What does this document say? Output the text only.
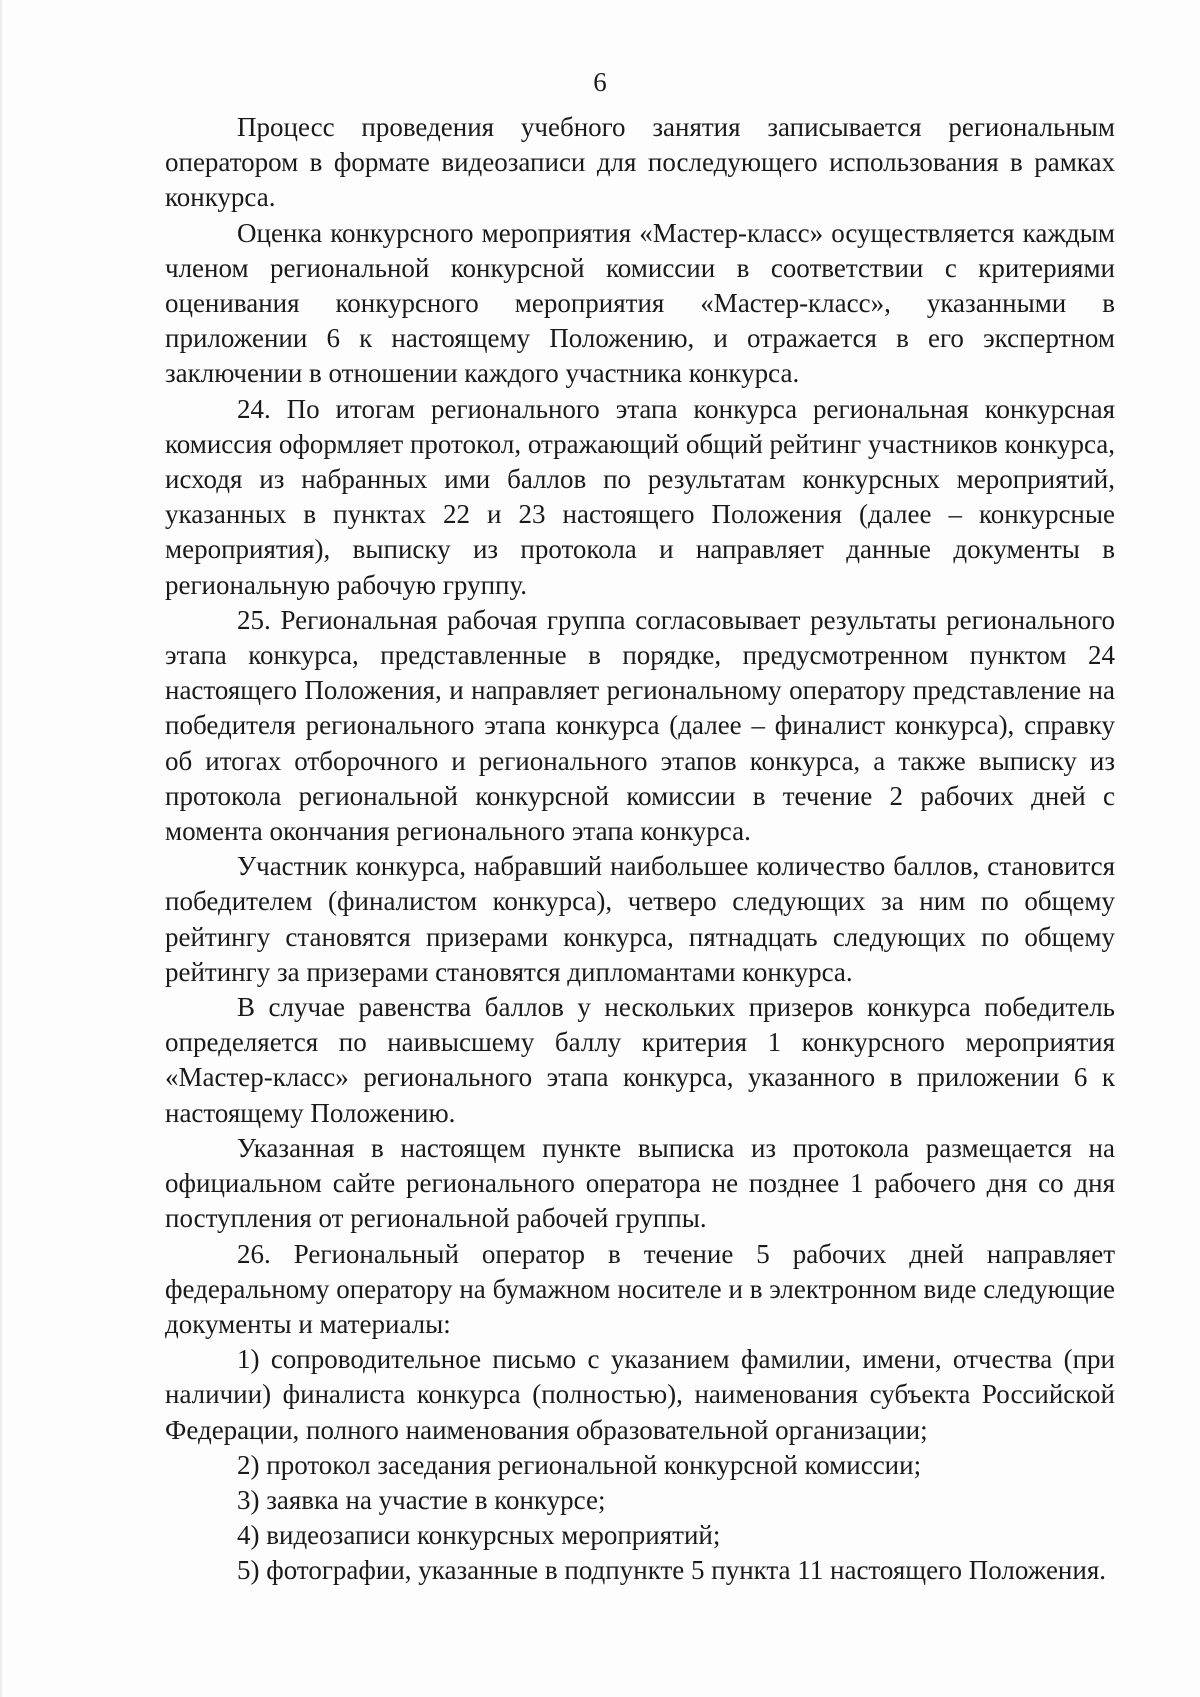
6

Процесс проведения учебного занятия записывается региональным оператором в формате видеозаписи для последующего использования в рамках конкурса.

Оценка конкурсного мероприятия «Мастер-класс» осуществляется каждым членом региональной конкурсной комиссии в соответствии с критериями оценивания конкурсного мероприятия «Мастер-класс», указанными в приложении 6 к настоящему Положению, и отражается в его экспертном заключении в отношении каждого участника конкурса.

24. По итогам регионального этапа конкурса региональная конкурсная комиссия оформляет протокол, отражающий общий рейтинг участников конкурса, исходя из набранных ими баллов по результатам конкурсных мероприятий, указанных в пунктах 22 и 23 настоящего Положения (далее – конкурсные мероприятия), выписку из протокола и направляет данные документы в региональную рабочую группу.

25. Региональная рабочая группа согласовывает результаты регионального этапа конкурса, представленные в порядке, предусмотренном пунктом 24 настоящего Положения, и направляет региональному оператору представление на победителя регионального этапа конкурса (далее – финалист конкурса), справку об итогах отборочного и регионального этапов конкурса, а также выписку из протокола региональной конкурсной комиссии в течение 2 рабочих дней с момента окончания регионального этапа конкурса.

Участник конкурса, набравший наибольшее количество баллов, становится победителем (финалистом конкурса), четверо следующих за ним по общему рейтингу становятся призерами конкурса, пятнадцать следующих по общему рейтингу за призерами становятся дипломантами конкурса.

В случае равенства баллов у нескольких призеров конкурса победитель определяется по наивысшему баллу критерия 1 конкурсного мероприятия «Мастер-класс» регионального этапа конкурса, указанного в приложении 6 к настоящему Положению.

Указанная в настоящем пункте выписка из протокола размещается на официальном сайте регионального оператора не позднее 1 рабочего дня со дня поступления от региональной рабочей группы.

26. Региональный оператор в течение 5 рабочих дней направляет федеральному оператору на бумажном носителе и в электронном виде следующие документы и материалы:

1) сопроводительное письмо с указанием фамилии, имени, отчества (при наличии) финалиста конкурса (полностью), наименования субъекта Российской Федерации, полного наименования образовательной организации;

2) протокол заседания региональной конкурсной комиссии;

3) заявка на участие в конкурсе;

4) видеозаписи конкурсных мероприятий;

5) фотографии, указанные в подпункте 5 пункта 11 настоящего Положения.
